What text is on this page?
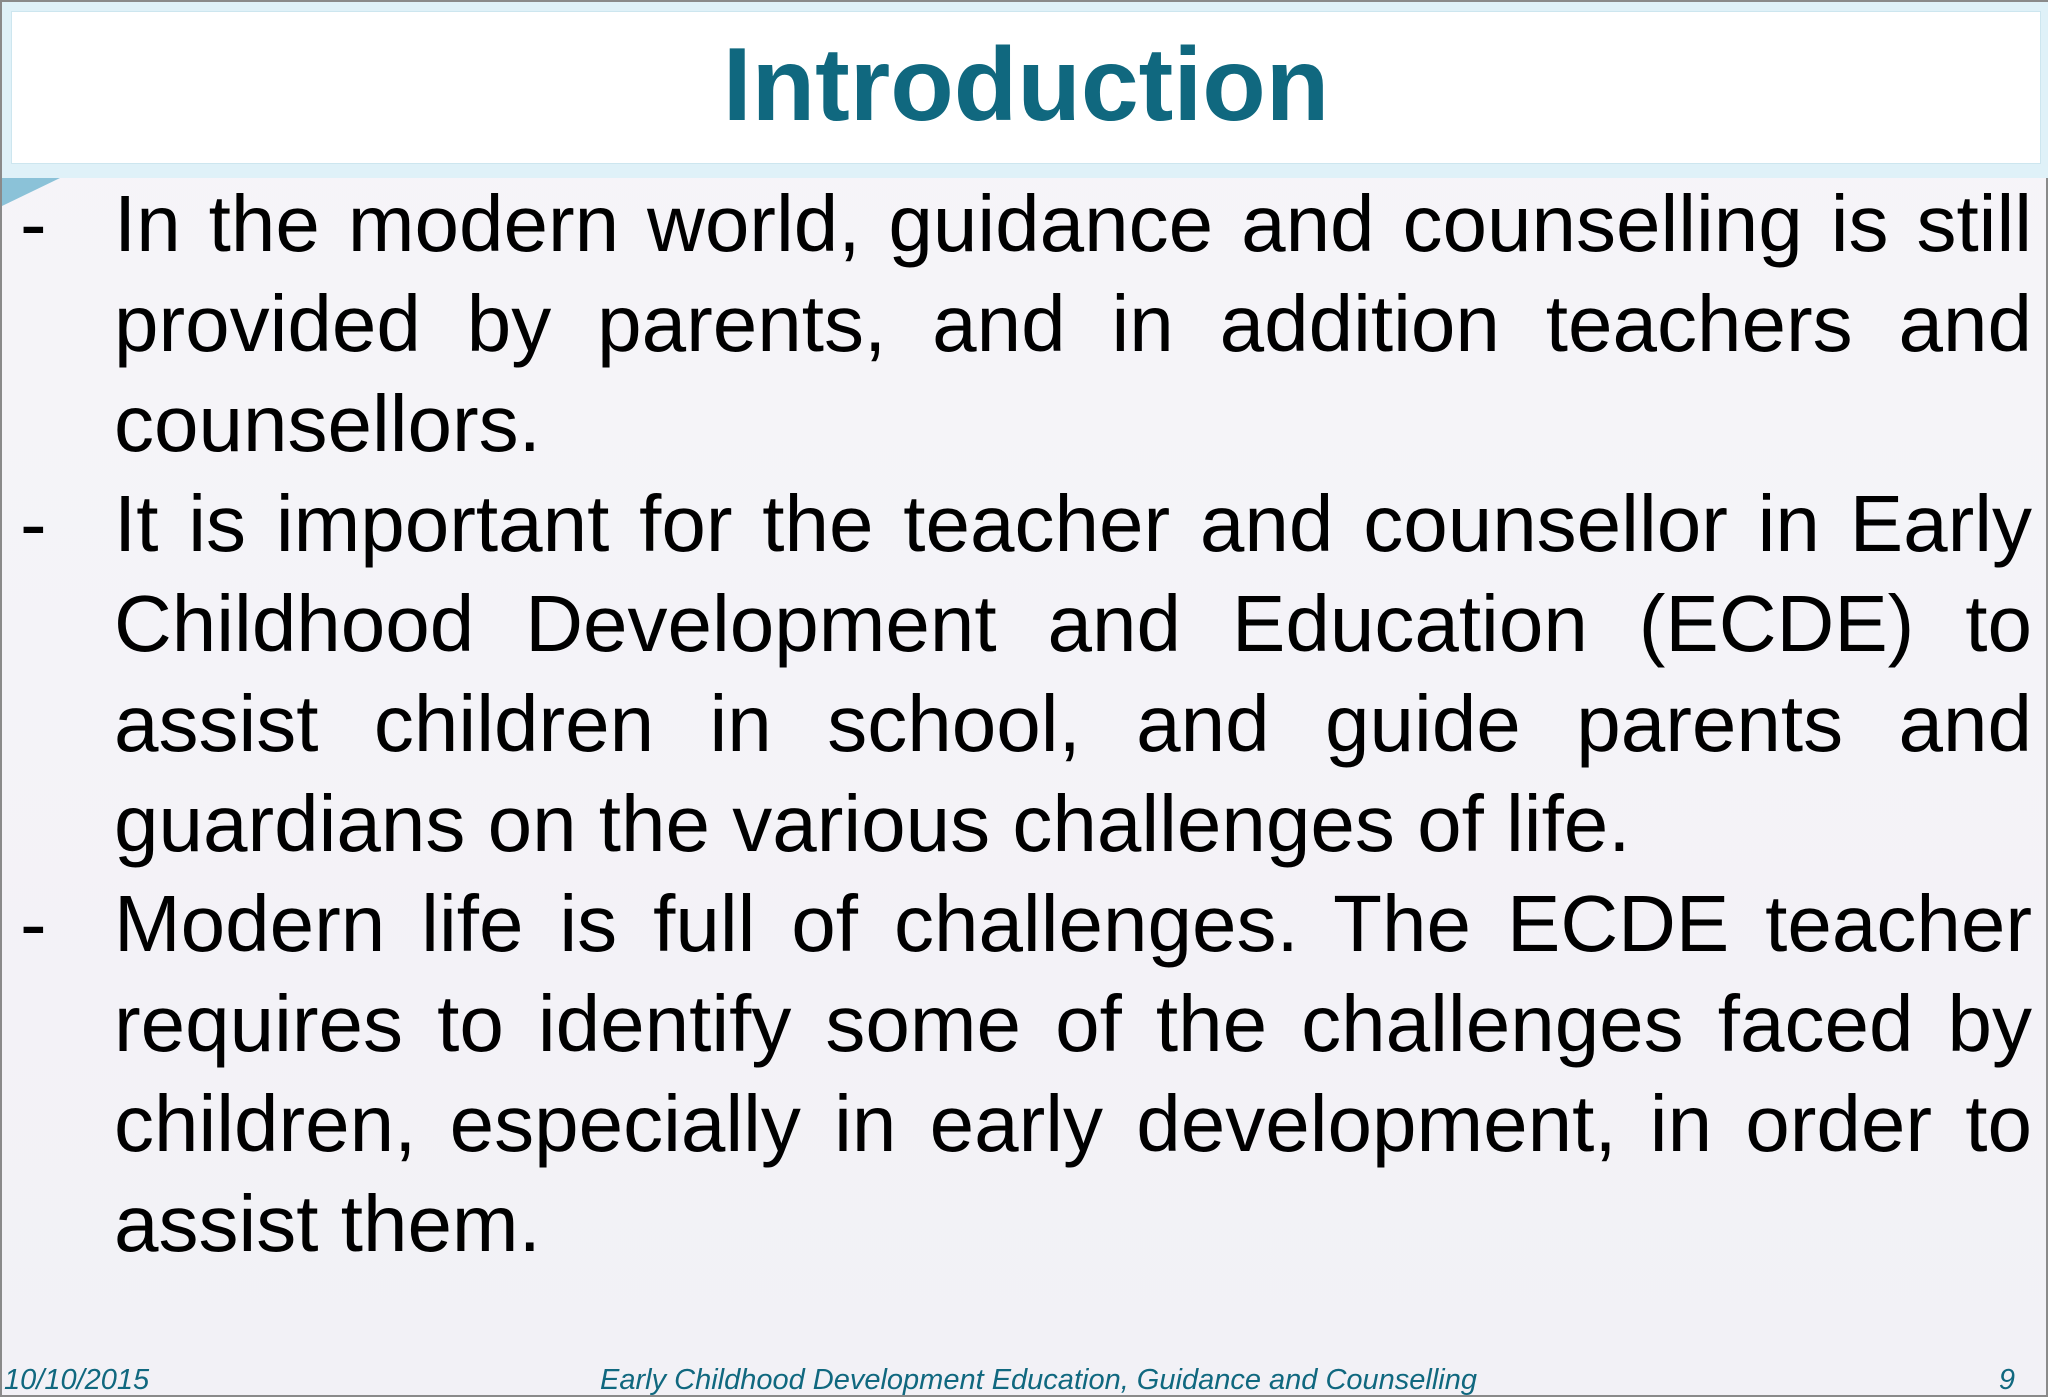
Introduction

- In the modern world, guidance and counselling is still provided by parents, and in addition teachers and counsellors.

- It is important for the teacher and counsellor in Early Childhood Development and Education (ECDE) to assist children in school, and guide parents and guardians on the various challenges of life.

- Modern life is full of challenges. The ECDE teacher requires to identify some of the challenges faced by children, especially in early development, in order to assist them.

10/10/2015	Early Childhood Development Education, Guidance and Counselling	9
